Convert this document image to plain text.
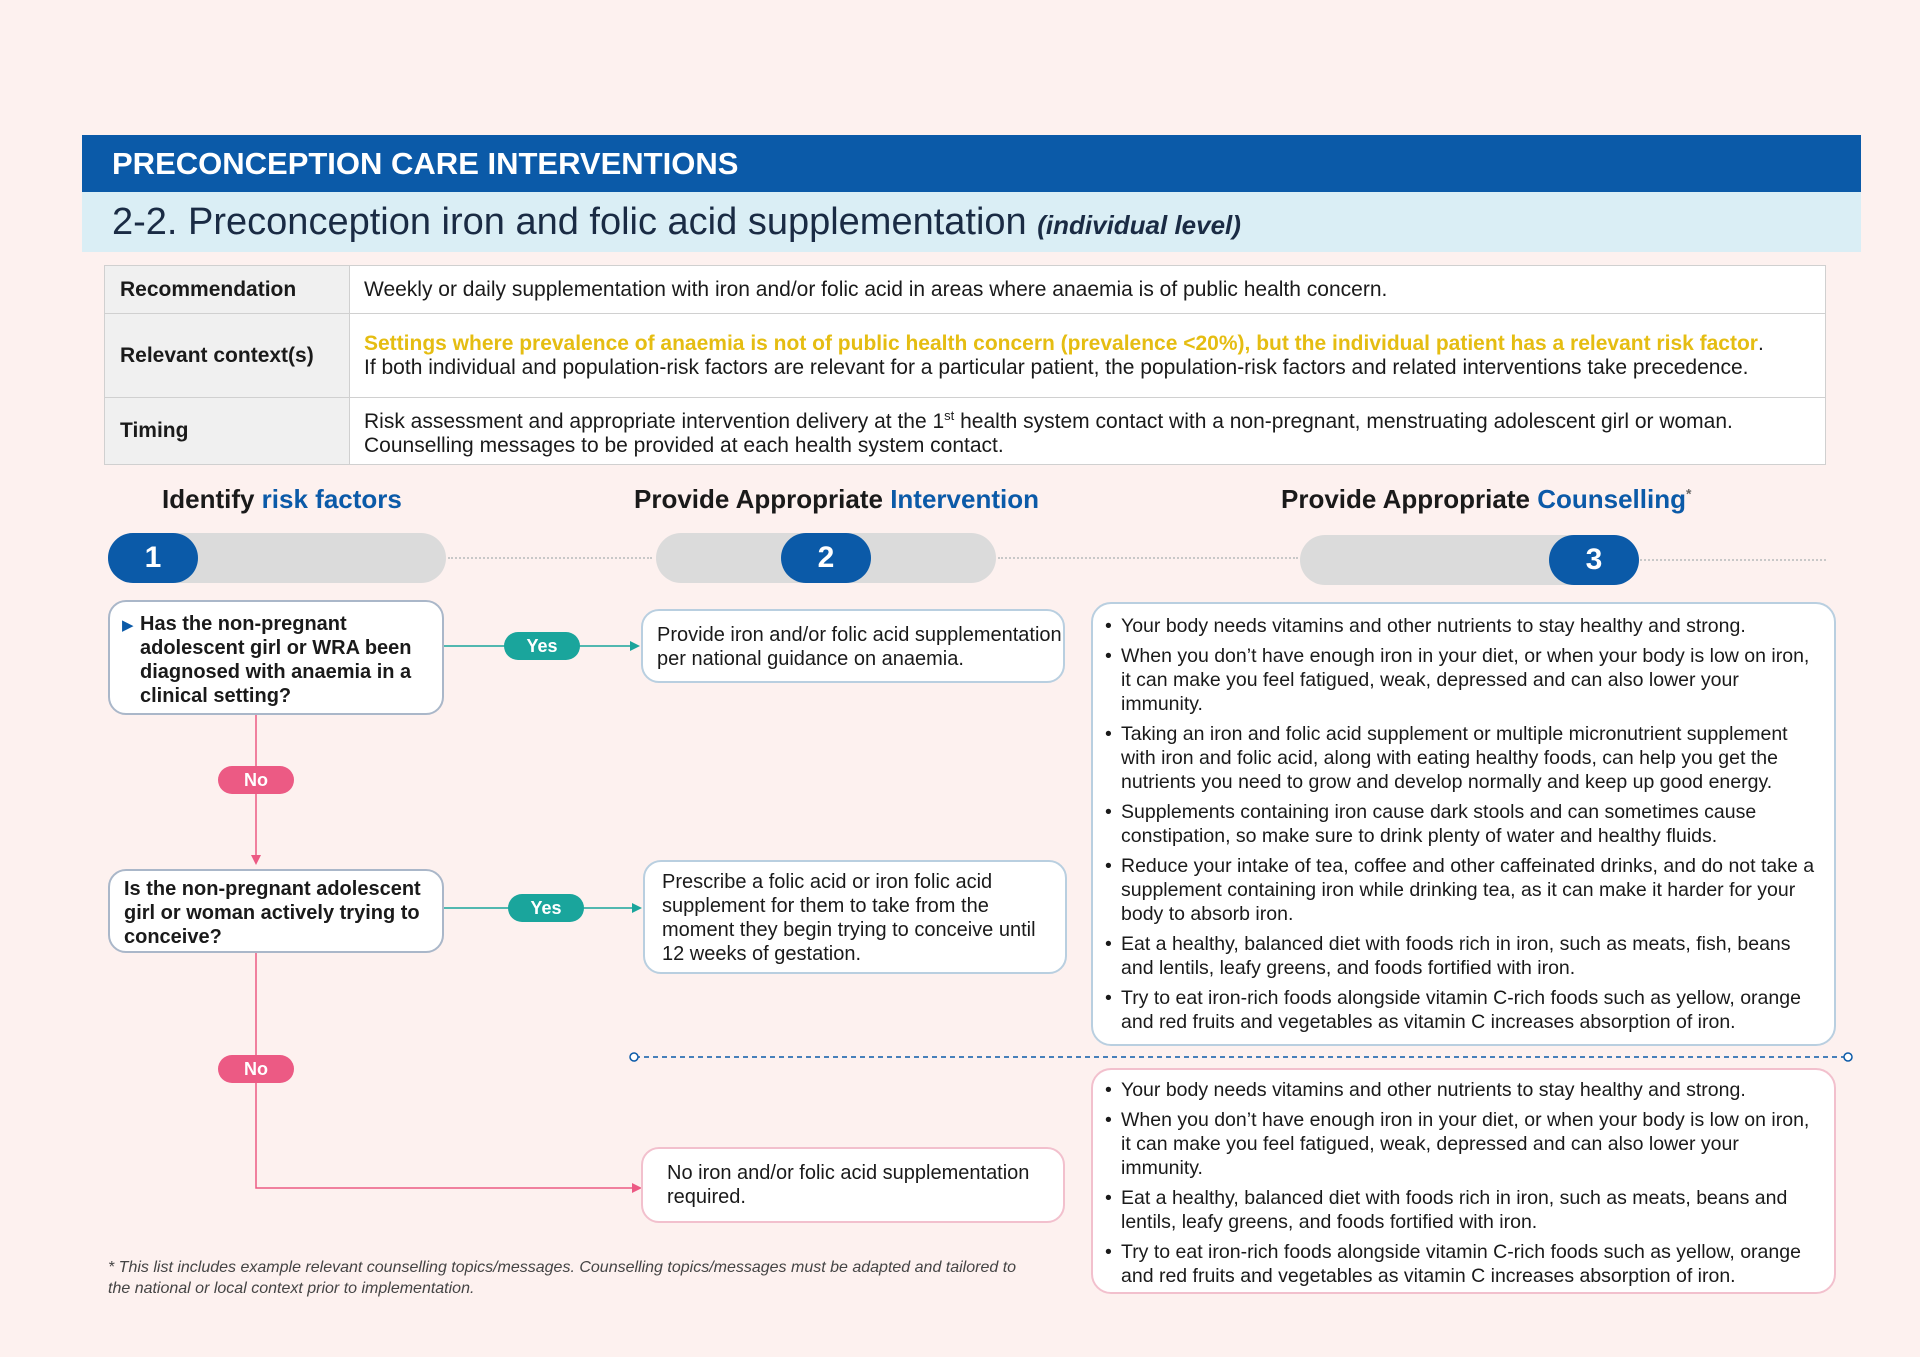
PRECONCEPTION CARE INTERVENTIONS
2-2. Preconception iron and folic acid supplementation (individual level)
Recommendation	Weekly or daily supplementation with iron and/or folic acid in areas where anaemia is of public health concern.
Relevant context(s)	Settings where prevalence of anaemia is not of public health concern (prevalence <20%), but the individual patient has a relevant risk factor.
If both individual and population-risk factors are relevant for a particular patient, the population-risk factors and related interventions take precedence.
Timing	Risk assessment and appropriate intervention delivery at the 1st health system contact with a non-pregnant, menstruating adolescent girl or woman. Counselling messages to be provided at each health system contact.
Identify risk factors	Provide Appropriate Intervention	Provide Appropriate Counselling*
1	2	3
▶ Has the non-pregnant adolescent girl or WRA been diagnosed with anaemia in a clinical setting?
Is the non-pregnant adolescent girl or woman actively trying to conceive?
Yes
Yes
No
No
Provide iron and/or folic acid supplementation per national guidance on anaemia.
Prescribe a folic acid or iron folic acid supplement for them to take from the moment they begin trying to conceive until 12 weeks of gestation.
No iron and/or folic acid supplementation required.
• Your body needs vitamins and other nutrients to stay healthy and strong.
• When you don’t have enough iron in your diet, or when your body is low on iron, it can make you feel fatigued, weak, depressed and can also lower your immunity.
• Taking an iron and folic acid supplement or multiple micronutrient supplement with iron and folic acid, along with eating healthy foods, can help you get the nutrients you need to grow and develop normally and keep up good energy.
• Supplements containing iron cause dark stools and can sometimes cause constipation, so make sure to drink plenty of water and healthy fluids.
• Reduce your intake of tea, coffee and other caffeinated drinks, and do not take a supplement containing iron while drinking tea, as it can make it harder for your body to absorb iron.
• Eat a healthy, balanced diet with foods rich in iron, such as meats, fish, beans and lentils, leafy greens, and foods fortified with iron.
• Try to eat iron-rich foods alongside vitamin C-rich foods such as yellow, orange and red fruits and vegetables as vitamin C increases absorption of iron.
• Your body needs vitamins and other nutrients to stay healthy and strong.
• When you don’t have enough iron in your diet, or when your body is low on iron, it can make you feel fatigued, weak, depressed and can also lower your immunity.
• Eat a healthy, balanced diet with foods rich in iron, such as meats, beans and lentils, leafy greens, and foods fortified with iron.
• Try to eat iron-rich foods alongside vitamin C-rich foods such as yellow, orange and red fruits and vegetables as vitamin C increases absorption of iron.
* This list includes example relevant counselling topics/messages. Counselling topics/messages must be adapted and tailored to the national or local context prior to implementation.
